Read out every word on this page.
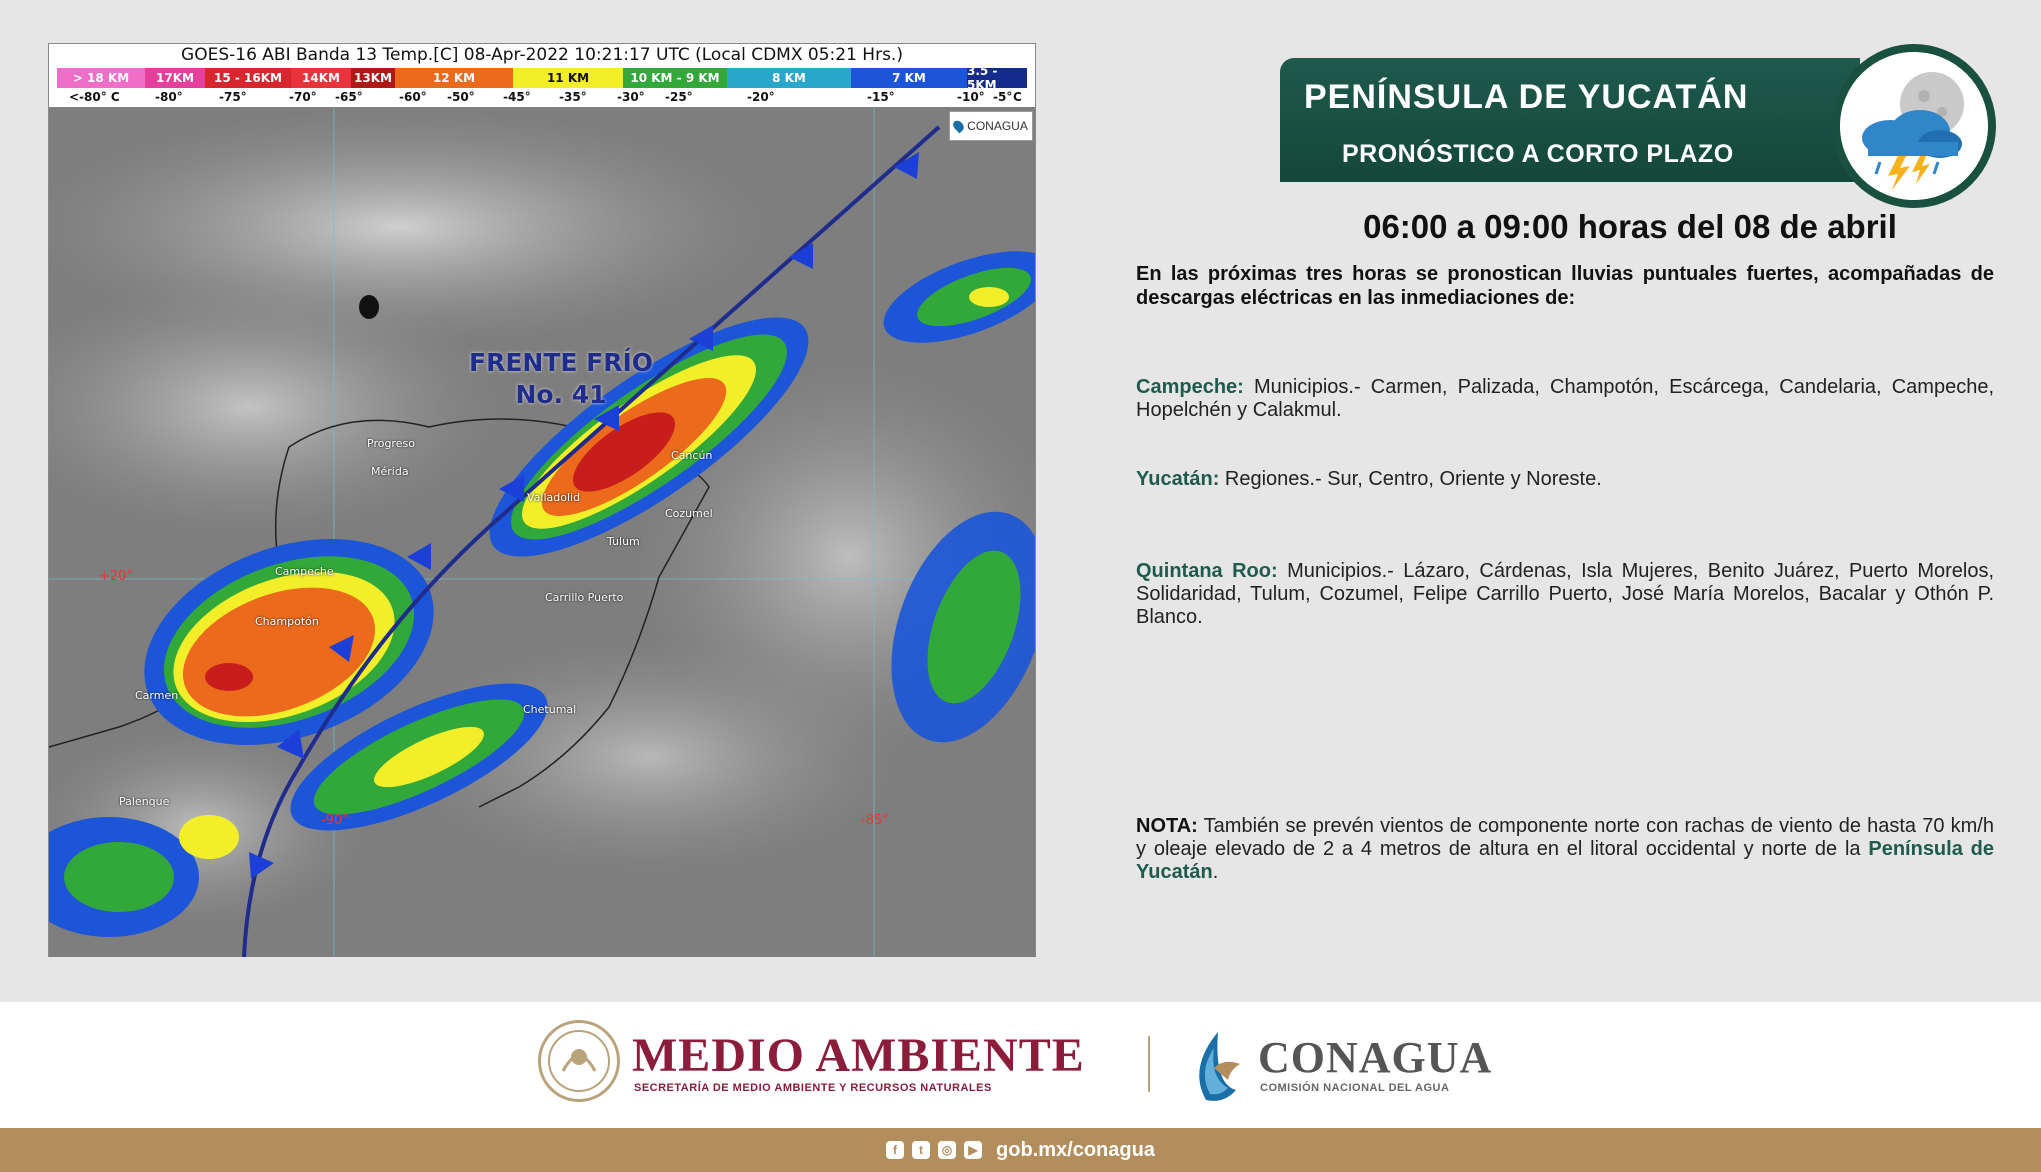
GOES-16 ABI Banda 13 Temp.[C] 08-Apr-2022 10:21:17 UTC (Local CDMX 05:21 Hrs.)
> 18 KM	17KM	15 - 16KM	14KM	13KM	12 KM	11 KM	10 KM - 9 KM	8 KM	7 KM	3.5 - 5KM
<-80° C	-80°	-75°	-70° -65°	-60° -50° -45° -35°	-30° -25°	-20°	-15°	-10° -5° C
CONAGUA
FRENTE FRÍO
No. 41
Progreso
Mérida
Valladolid
Cancún
Cozumel
Tulum
Campeche
Champotón
Carrillo Puerto
Carmen
Chetumal
Palenque
+20°
-90°	-85°
PENÍNSULA DE YUCATÁN
PRONÓSTICO A CORTO PLAZO
06:00 a 09:00 horas del 08 de abril
En las próximas tres horas se pronostican lluvias puntuales fuertes, acompañadas de descargas eléctricas en las inmediaciones de:
Campeche: Municipios.- Carmen, Palizada, Champotón, Escárcega, Candelaria, Campeche, Hopelchén y Calakmul.
Yucatán: Regiones.- Sur, Centro, Oriente y Noreste.
Quintana Roo: Municipios.- Lázaro, Cárdenas, Isla Mujeres, Benito Juárez, Puerto Morelos, Solidaridad, Tulum, Cozumel, Felipe Carrillo Puerto, José María Morelos, Bacalar y Othón P. Blanco.
NOTA: También se prevén vientos de componente norte con rachas de viento de hasta 70 km/h y oleaje elevado de 2 a 4 metros de altura en el litoral occidental y norte de la Península de Yucatán.
MEDIO AMBIENTE
SECRETARÍA DE MEDIO AMBIENTE Y RECURSOS NATURALES
CONAGUA
COMISIÓN NACIONAL DEL AGUA
f	t	◎	▶ gob.mx/conagua
